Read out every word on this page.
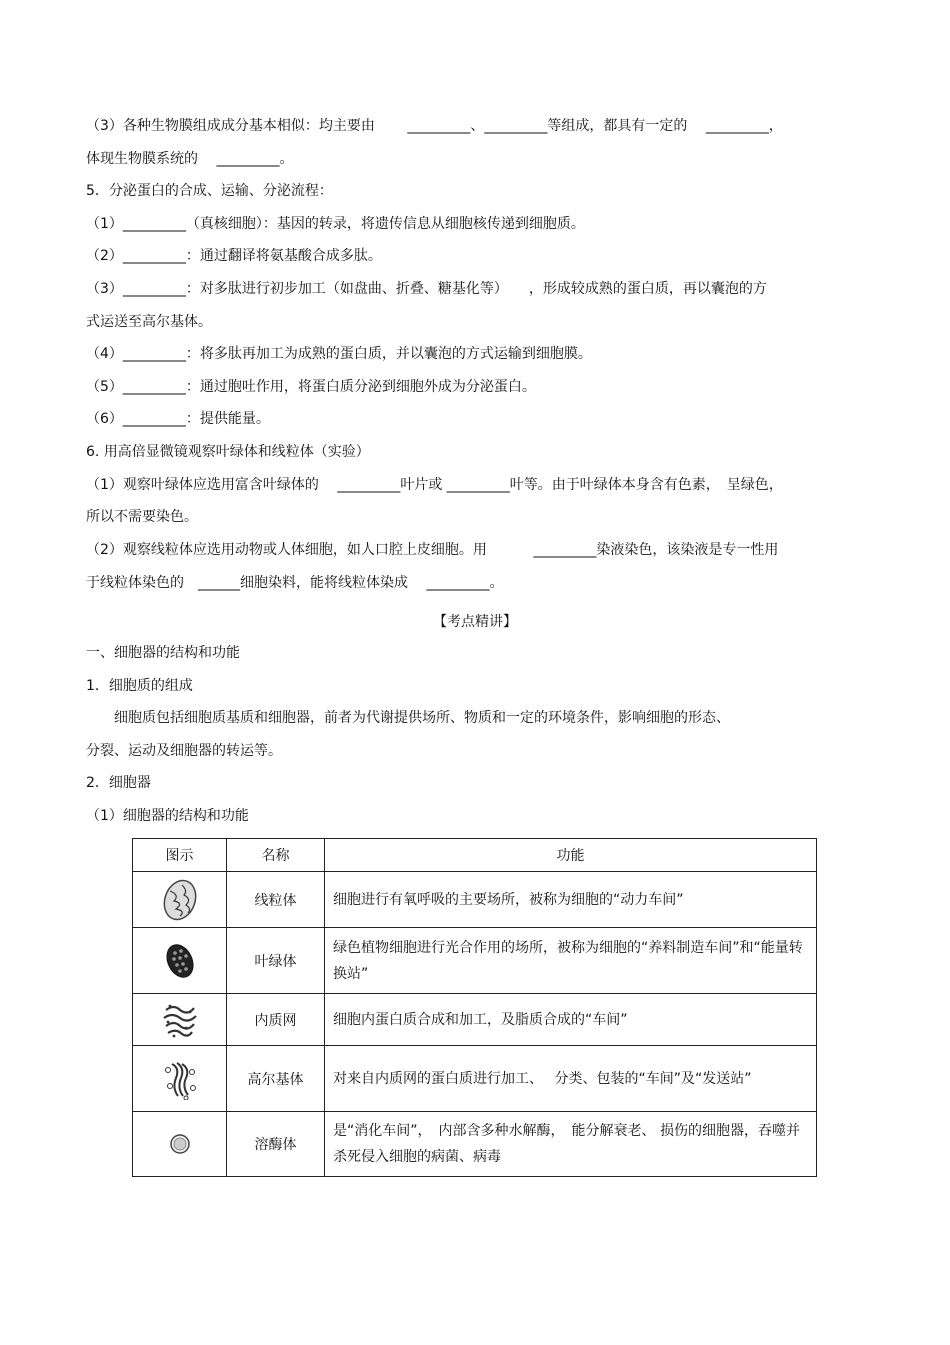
（3）各种生物膜组成成分基本相似：均主要由　　 _________、_________等组成，都具有一定的　 _________，
体现生物膜系统的　 _________。
5．分泌蛋白的合成、运输、分泌流程：
（1）_________（真核细胞）：基因的转录，将遗传信息从细胞核传递到细胞质。
（2）_________：通过翻译将氨基酸合成多肽。
（3）_________：对多肽进行初步加工（如盘曲、折叠、糖基化等）　　，形成较成熟的蛋白质，再以囊泡的方
式运送至高尔基体。
（4）_________：将多肽再加工为成熟的蛋白质，并以囊泡的方式运输到细胞膜。
（5）_________：通过胞吐作用，将蛋白质分泌到细胞外成为分泌蛋白。
（6）_________：提供能量。
6. 用高倍显微镜观察叶绿体和线粒体（实验）
（1）观察叶绿体应选用富含叶绿体的　 _________叶片或 _________叶等。由于叶绿体本身含有色素，　呈绿色，
所以不需要染色。
（2）观察线粒体应选用动物或人体细胞，如人口腔上皮细胞。用　　　 _________染液染色，该染液是专一性用
于线粒体染色的　______细胞染料，能将线粒体染成　 _________。
【考点精讲】
一、细胞器的结构和功能
1．细胞质的组成
　　细胞质包括细胞质基质和细胞器，前者为代谢提供场所、物质和一定的环境条件，影响细胞的形态、
分裂、运动及细胞器的转运等。
2．细胞器
（1）细胞器的结构和功能
图示	名称	功能

	线粒体	细胞进行有氧呼吸的主要场所，被称为细胞的“动力车间”

	叶绿体	绿色植物细胞进行光合作用的场所，被称为细胞的“养料制造车间”和“能量转换站”

	内质网	细胞内蛋白质合成和加工，及脂质合成的“车间”

	高尔基体	对来自内质网的蛋白质进行加工、　 分类、包装的“车间”及“发送站”

	溶酶体	是“消化车间”，　内部含多种水解酶，　能分解衰老、 损伤的细胞器，吞噬并杀死侵入细胞的病菌、病毒
